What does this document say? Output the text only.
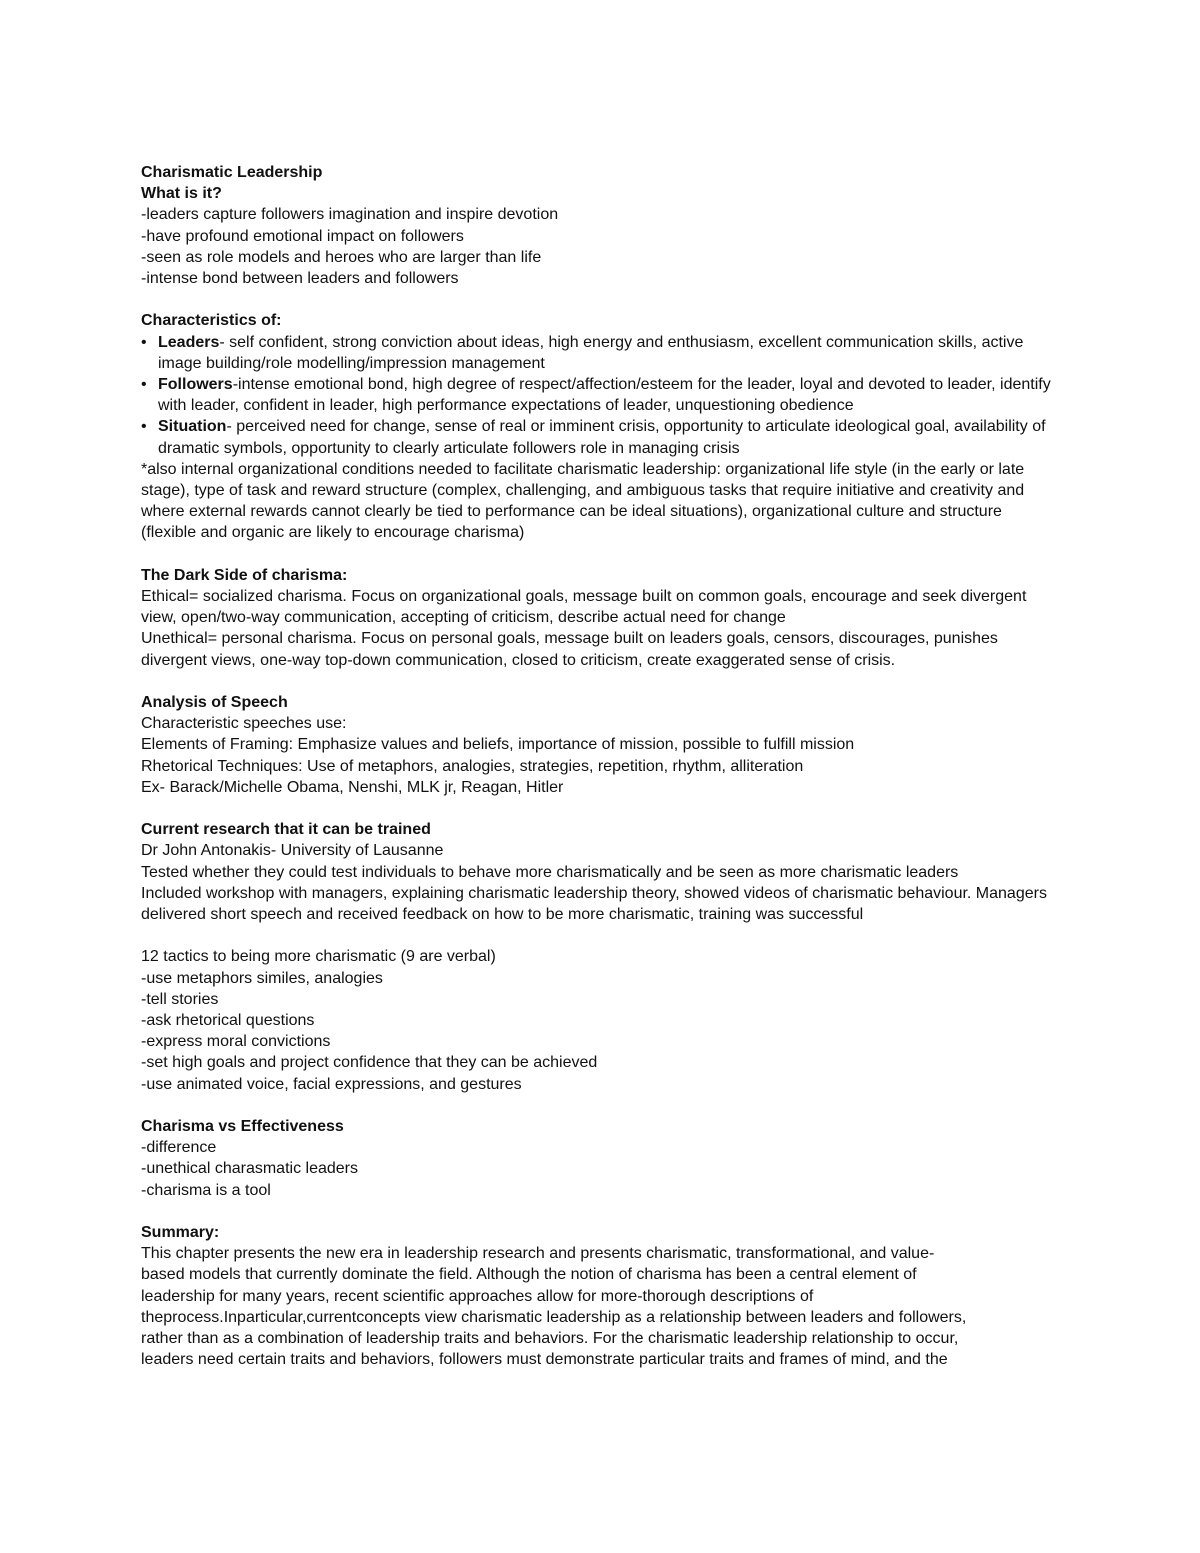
Charismatic Leadership
What is it?
-leaders capture followers imagination and inspire devotion
-have profound emotional impact on followers
-seen as role models and heroes who are larger than life
-intense bond between leaders and followers
Characteristics of:
• Leaders- self confident, strong conviction about ideas, high energy and enthusiasm, excellent communication skills, active image building/role modelling/impression management
• Followers-intense emotional bond, high degree of respect/affection/esteem for the leader, loyal and devoted to leader, identify with leader, confident in leader, high performance expectations of leader, unquestioning obedience
• Situation- perceived need for change, sense of real or imminent crisis, opportunity to articulate ideological goal, availability of dramatic symbols, opportunity to clearly articulate followers role in managing crisis
*also internal organizational conditions needed to facilitate charismatic leadership: organizational life style (in the early or late stage), type of task and reward structure (complex, challenging, and ambiguous tasks that require initiative and creativity and where external rewards cannot clearly be tied to performance can be ideal situations), organizational culture and structure (flexible and organic are likely to encourage charisma)
The Dark Side of charisma:
Ethical= socialized charisma. Focus on organizational goals, message built on common goals, encourage and seek divergent view, open/two-way communication, accepting of criticism, describe actual need for change
Unethical= personal charisma. Focus on personal goals, message built on leaders goals, censors, discourages, punishes divergent views, one-way top-down communication, closed to criticism, create exaggerated sense of crisis.
Analysis of Speech
Characteristic speeches use:
Elements of Framing: Emphasize values and beliefs, importance of mission, possible to fulfill mission
Rhetorical Techniques: Use of metaphors, analogies, strategies, repetition, rhythm, alliteration
Ex- Barack/Michelle Obama, Nenshi, MLK jr, Reagan, Hitler
Current research that it can be trained
Dr John Antonakis- University of Lausanne
Tested whether they could test individuals to behave more charismatically and be seen as more charismatic leaders
Included workshop with managers, explaining charismatic leadership theory, showed videos of charismatic behaviour. Managers delivered short speech and received feedback on how to be more charismatic, training was successful
12 tactics to being more charismatic (9 are verbal)
-use metaphors similes, analogies
-tell stories
-ask rhetorical questions
-express moral convictions
-set high goals and project confidence that they can be achieved
-use animated voice, facial expressions, and gestures
Charisma vs Effectiveness
-difference
-unethical charasmatic leaders
-charisma is a tool
Summary:
This chapter presents the new era in leadership research and presents charismatic, transformational, and value-
based models that currently dominate the field. Although the notion of charisma has been a central element of
leadership for many years, recent scientific approaches allow for more-thorough descriptions of
theprocess.Inparticular,currentconcepts view charismatic leadership as a relationship between leaders and followers,
rather than as a combination of leadership traits and behaviors. For the charismatic leadership relationship to occur,
leaders need certain traits and behaviors, followers must demonstrate particular traits and frames of mind, and the
